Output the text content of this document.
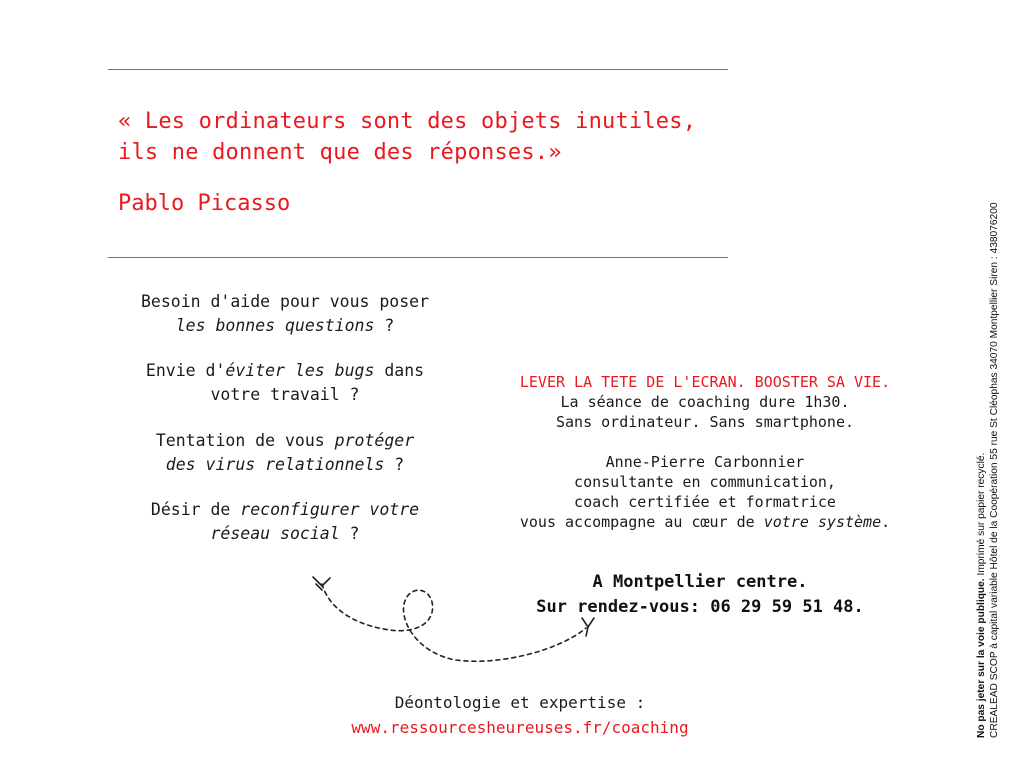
« Les ordinateurs sont des objets inutiles,
ils ne donnent que des réponses.»
Pablo Picasso
Besoin d'aide pour vous poser
les bonnes questions ?
Envie d'éviter les bugs dans
votre travail ?
Tentation de vous protéger
des virus relationnels ?
Désir de reconfigurer votre
réseau social ?
LEVER LA TETE DE L'ECRAN. BOOSTER SA VIE.
La séance de coaching dure 1h30.
Sans ordinateur. Sans smartphone.
Anne-Pierre Carbonnier
consultante en communication,
coach certifiée et formatrice
vous accompagne au cœur de votre système.
A Montpellier centre.
Sur rendez-vous: 06 29 59 51 48.
Déontologie et expertise :
www.ressourcesheureuses.fr/coaching	No pas jeter sur la voie publique. Imprimé sur papier recyclé. CREALEAD SCOP à capital variable Hôtel de la Coopération 55 rue St Cléophas 34070 Montpellier Siren : 438076200
